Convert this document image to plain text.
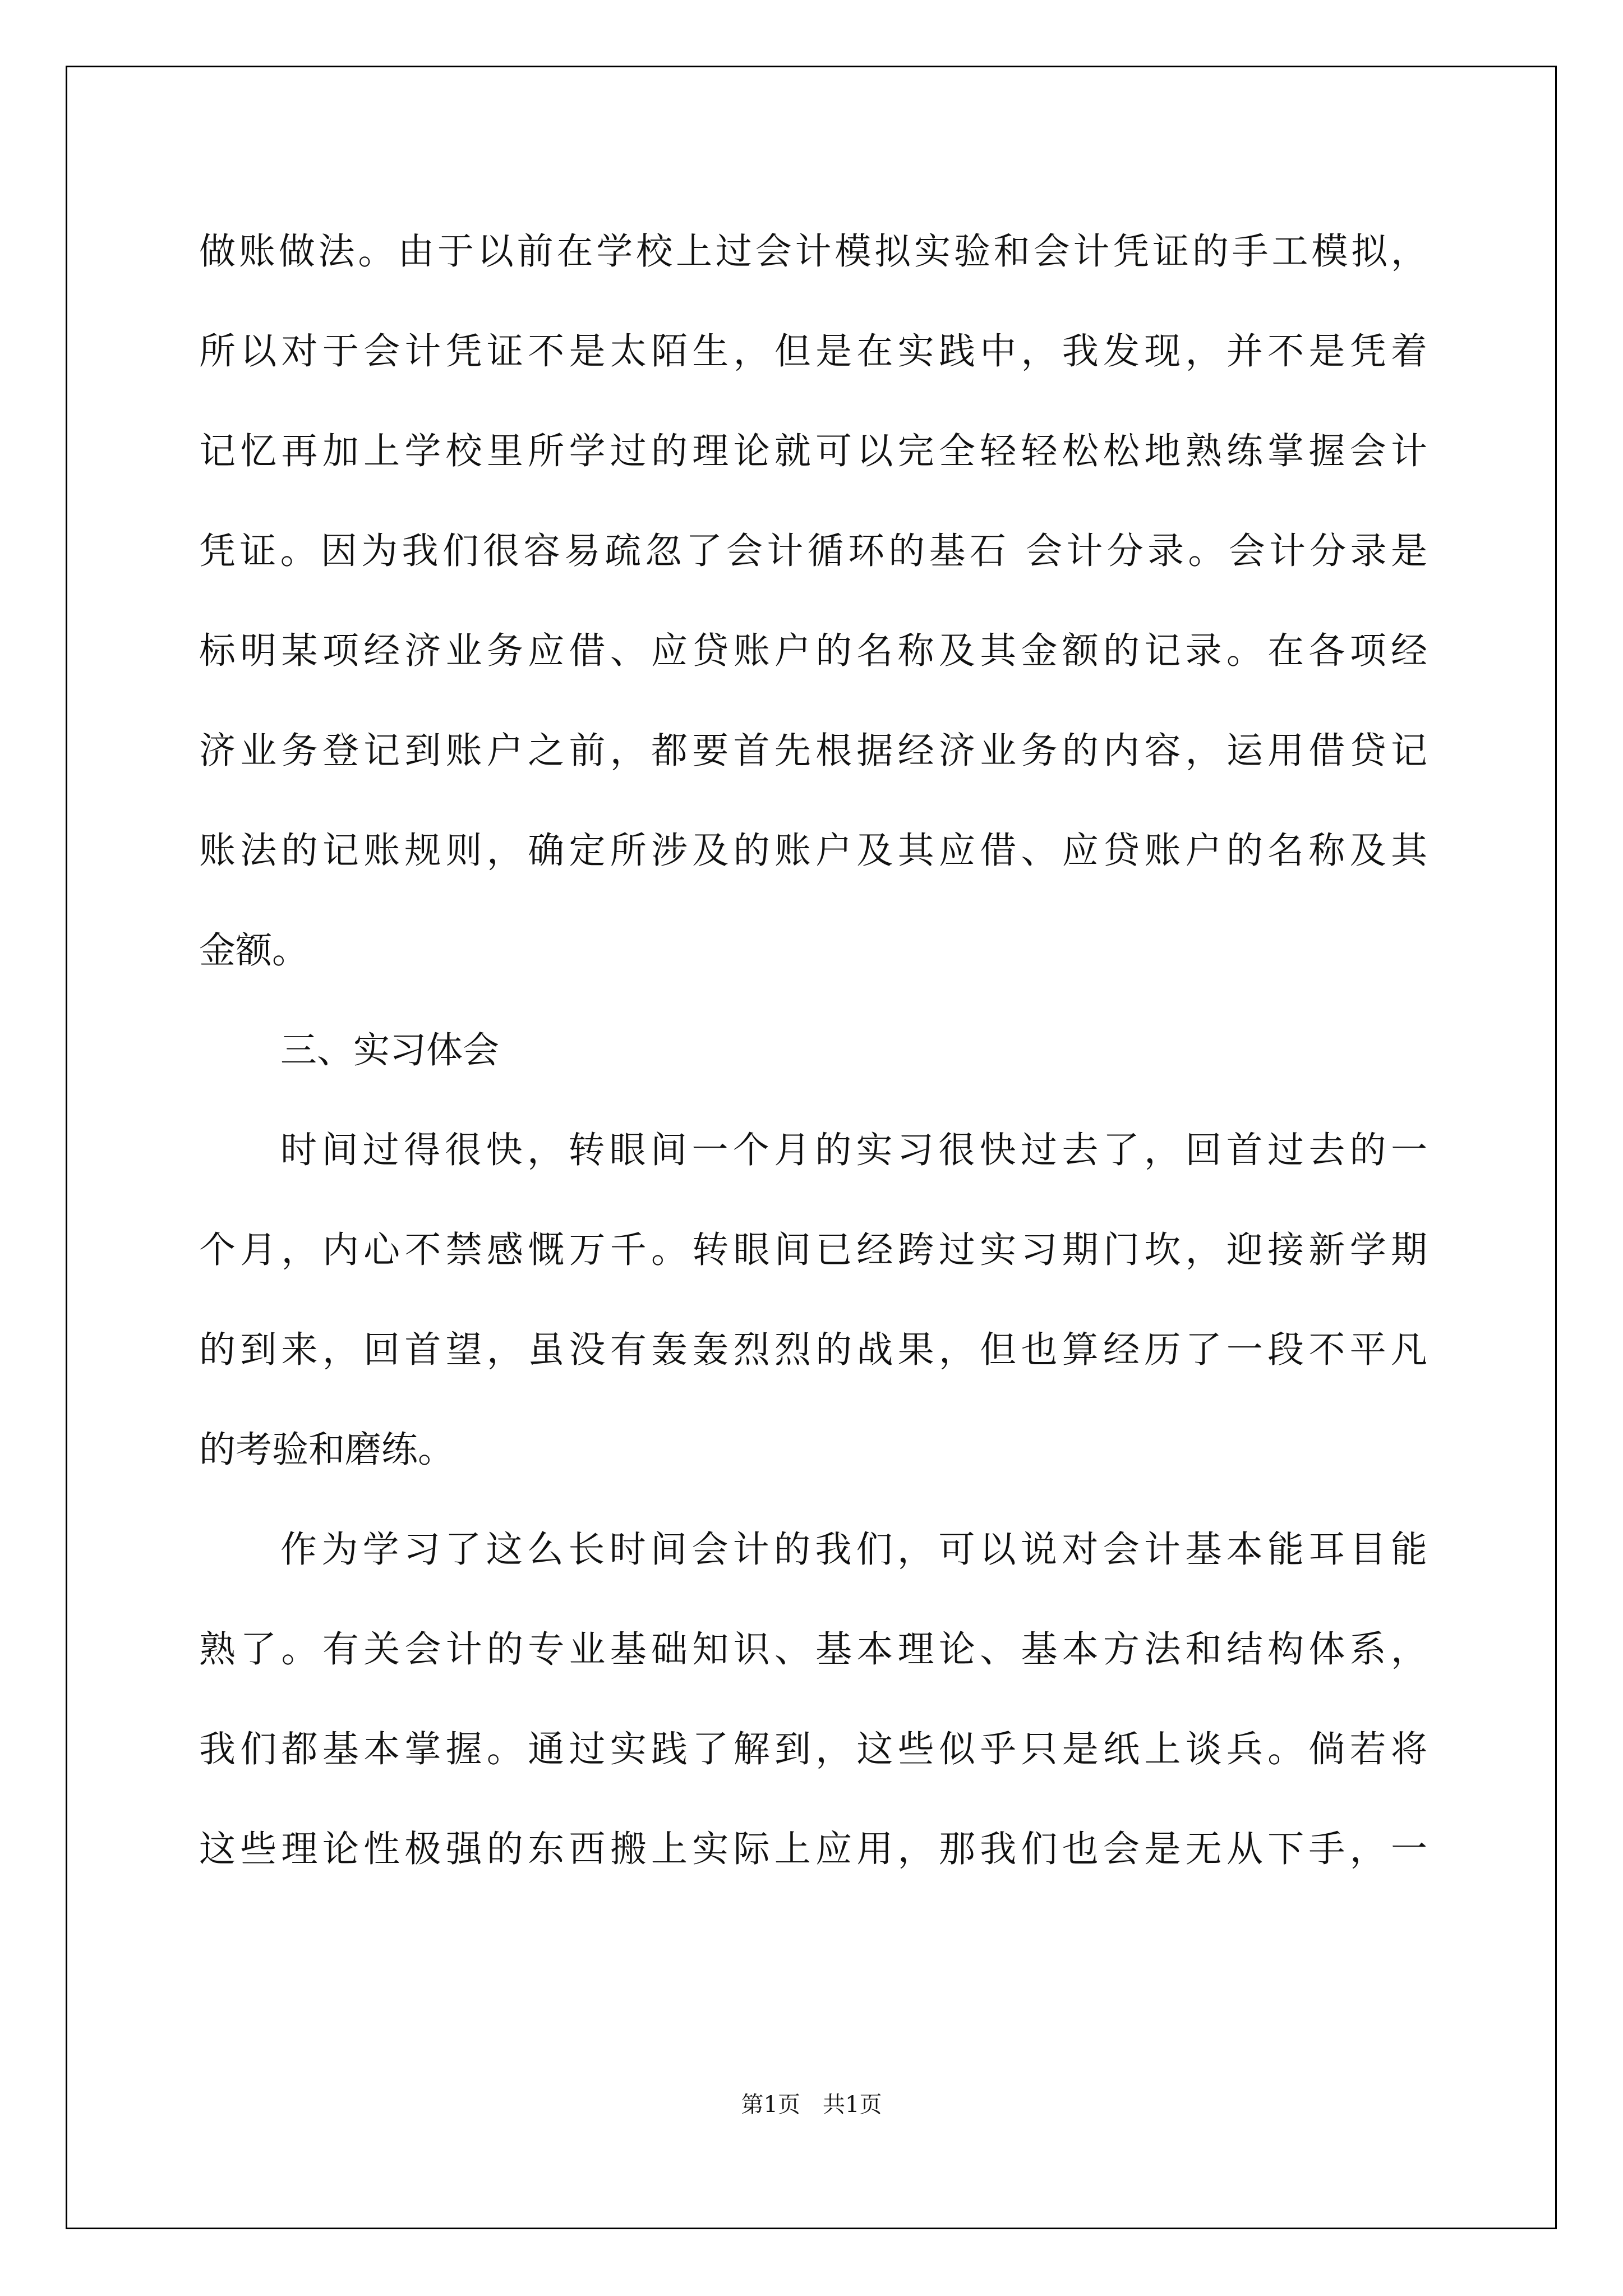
做账做法。由于以前在学校上过会计模拟实验和会计凭证的手工模拟，
所以对于会计凭证不是太陌生，但是在实践中，我发现，并不是凭着
记忆再加上学校里所学过的理论就可以完全轻轻松松地熟练掌握会计
凭证。因为我们很容易疏忽了会计循环的基石 会计分录。会计分录是
标明某项经济业务应借、应贷账户的名称及其金额的记录。在各项经
济业务登记到账户之前，都要首先根据经济业务的内容，运用借贷记
账法的记账规则，确定所涉及的账户及其应借、应贷账户的名称及其
金额。
三、实习体会
时间过得很快，转眼间一个月的实习很快过去了，回首过去的一
个月，内心不禁感慨万千。转眼间已经跨过实习期门坎，迎接新学期
的到来，回首望，虽没有轰轰烈烈的战果，但也算经历了一段不平凡
的考验和磨练。
作为学习了这么长时间会计的我们，可以说对会计基本能耳目能
熟了。有关会计的专业基础知识、基本理论、基本方法和结构体系，
我们都基本掌握。通过实践了解到，这些似乎只是纸上谈兵。倘若将
这些理论性极强的东西搬上实际上应用，那我们也会是无从下手，一
第1页　共1页
